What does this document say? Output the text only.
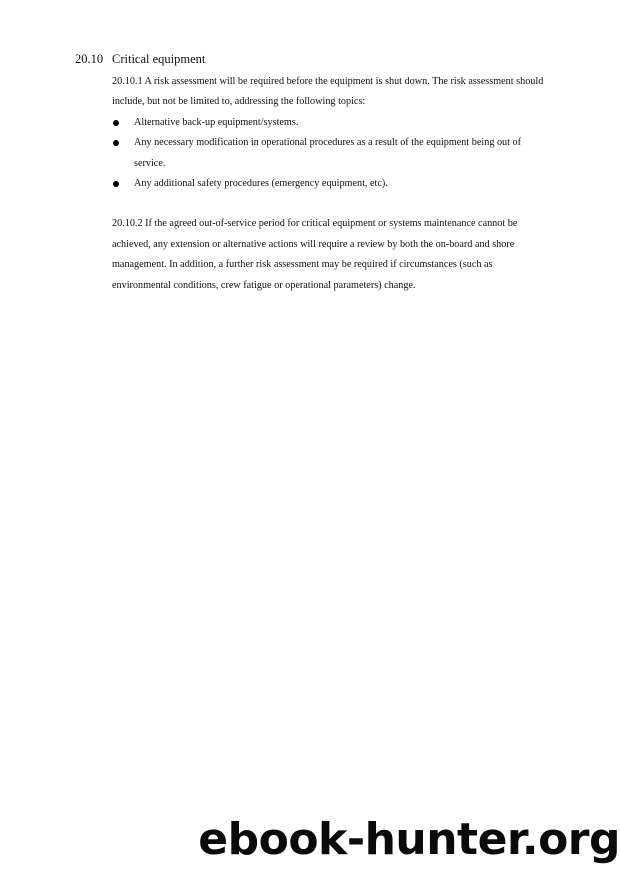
20.10 Critical equipment

20.10.1 A risk assessment will be required before the equipment is shut down. The risk assessment should include, but not be limited to, addressing the following topics:

Alternative back-up equipment/systems.
Any necessary modification in operational procedures as a result of the equipment being out of service.
Any additional safety procedures (emergency equipment, etc).

20.10.2 If the agreed out-of-service period for critical equipment or systems maintenance cannot be achieved, any extension or alternative actions will require a review by both the on-board and shore management. In addition, a further risk assessment may be required if circumstances (such as environmental conditions, crew fatigue or operational parameters) change.

ebook-hunter.org
